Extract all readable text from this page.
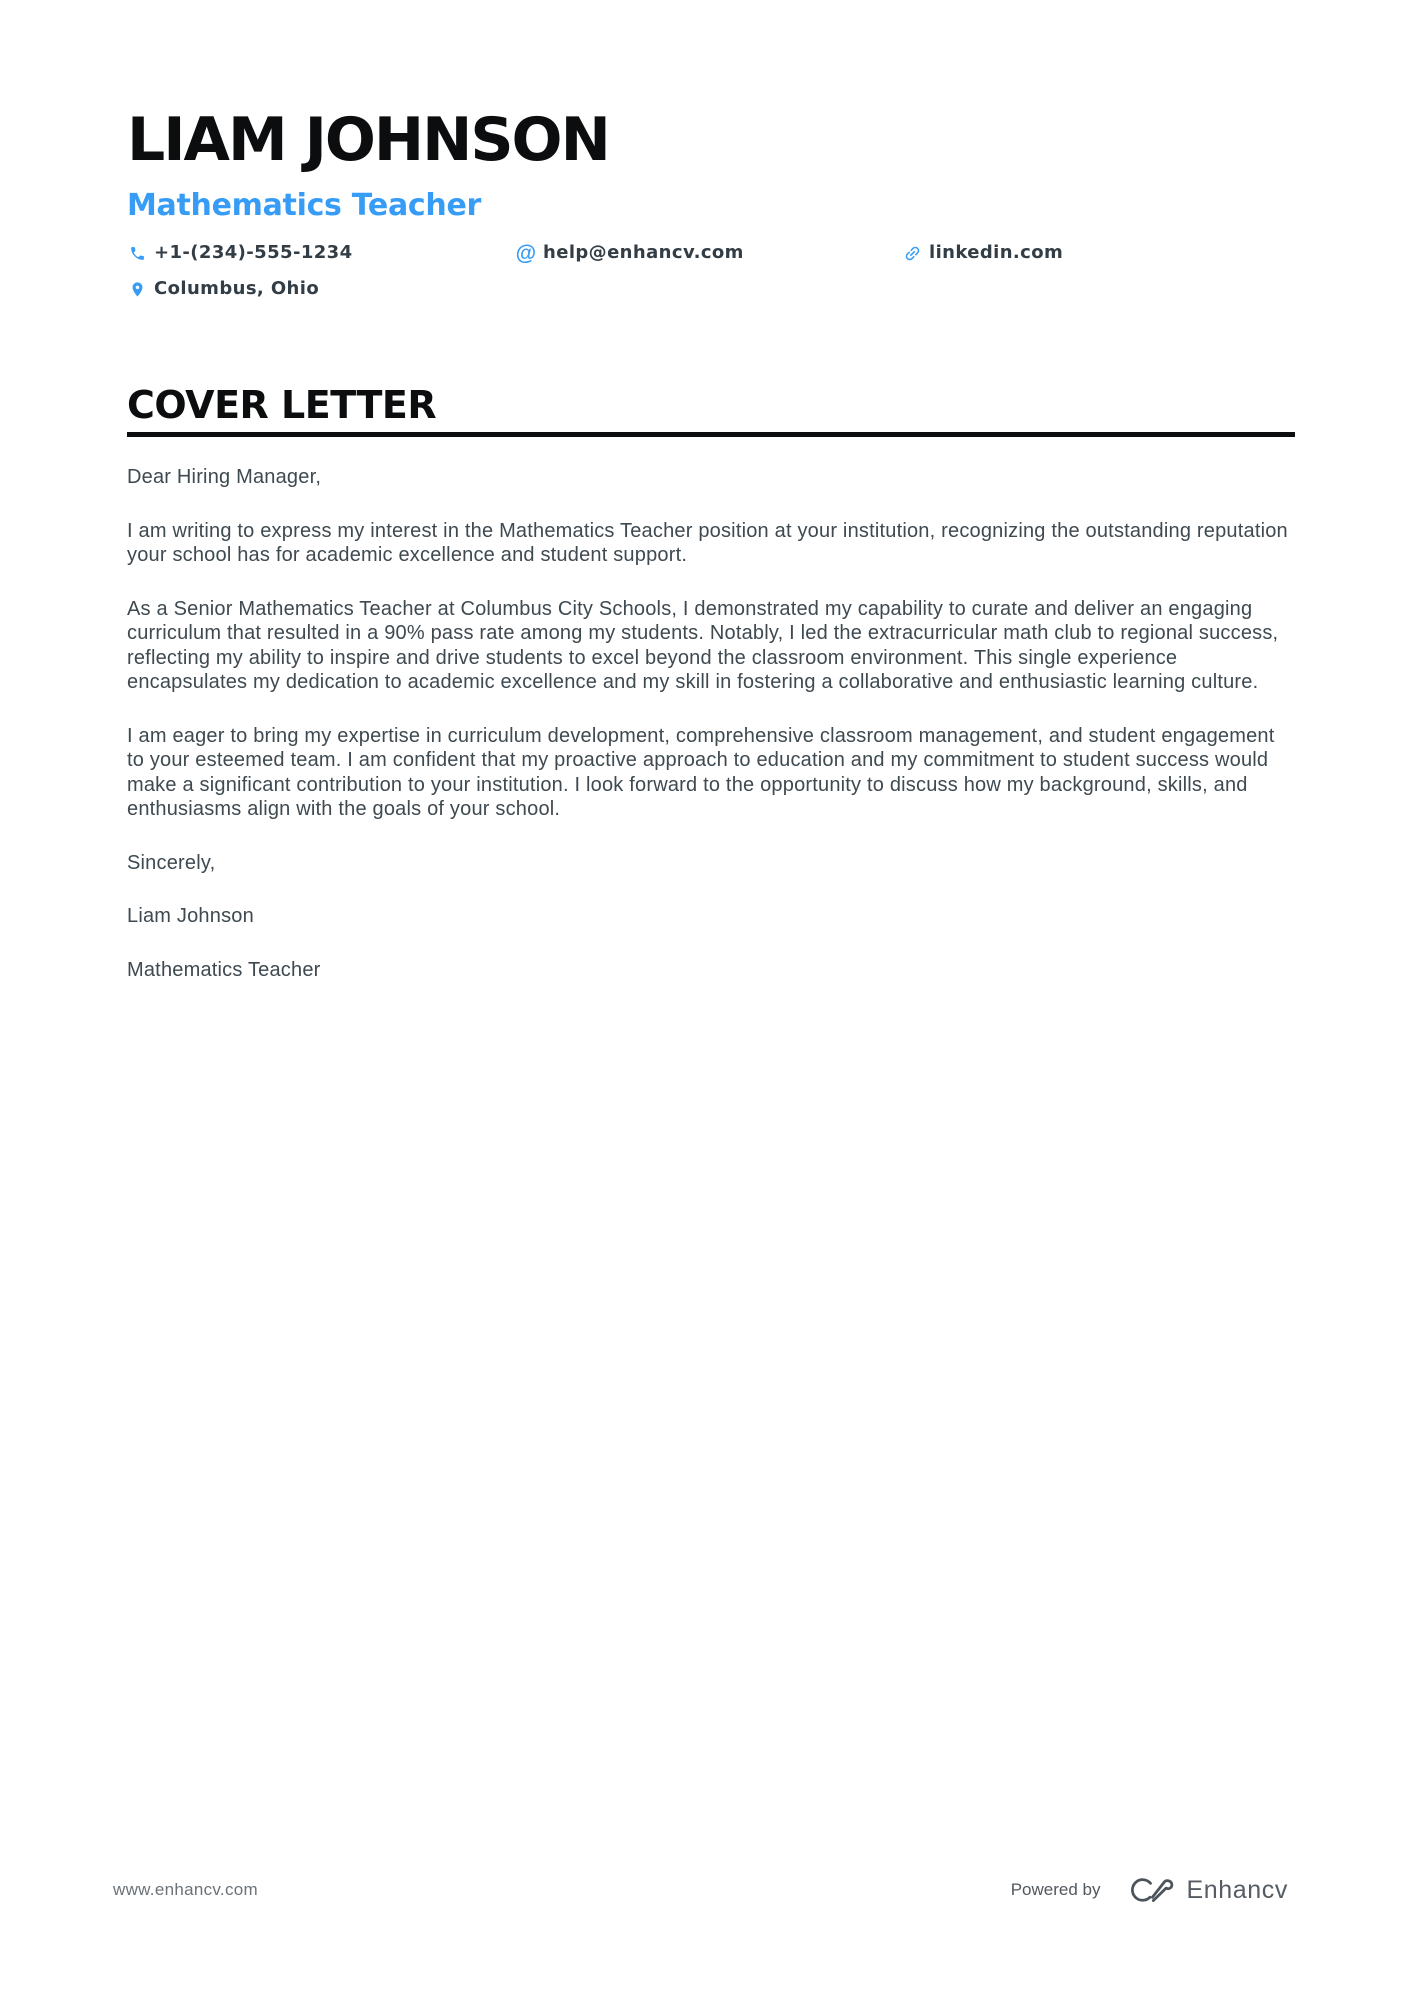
LIAM JOHNSON
Mathematics Teacher
+1-(234)-555-1234	@ help@enhancv.com	linkedin.com
Columbus, Ohio
COVER LETTER

Dear Hiring Manager,

I am writing to express my interest in the Mathematics Teacher position at your institution, recognizing the outstanding reputation your school has for academic excellence and student support.

As a Senior Mathematics Teacher at Columbus City Schools, I demonstrated my capability to curate and deliver an engaging curriculum that resulted in a 90% pass rate among my students. Notably, I led the extracurricular math club to regional success, reflecting my ability to inspire and drive students to excel beyond the classroom environment. This single experience encapsulates my dedication to academic excellence and my skill in fostering a collaborative and enthusiastic learning culture.

I am eager to bring my expertise in curriculum development, comprehensive classroom management, and student engagement to your esteemed team. I am confident that my proactive approach to education and my commitment to student success would make a significant contribution to your institution. I look forward to the opportunity to discuss how my background, skills, and enthusiasms align with the goals of your school.

Sincerely,

Liam Johnson

Mathematics Teacher

www.enhancv.com	Powered by	Enhancv
